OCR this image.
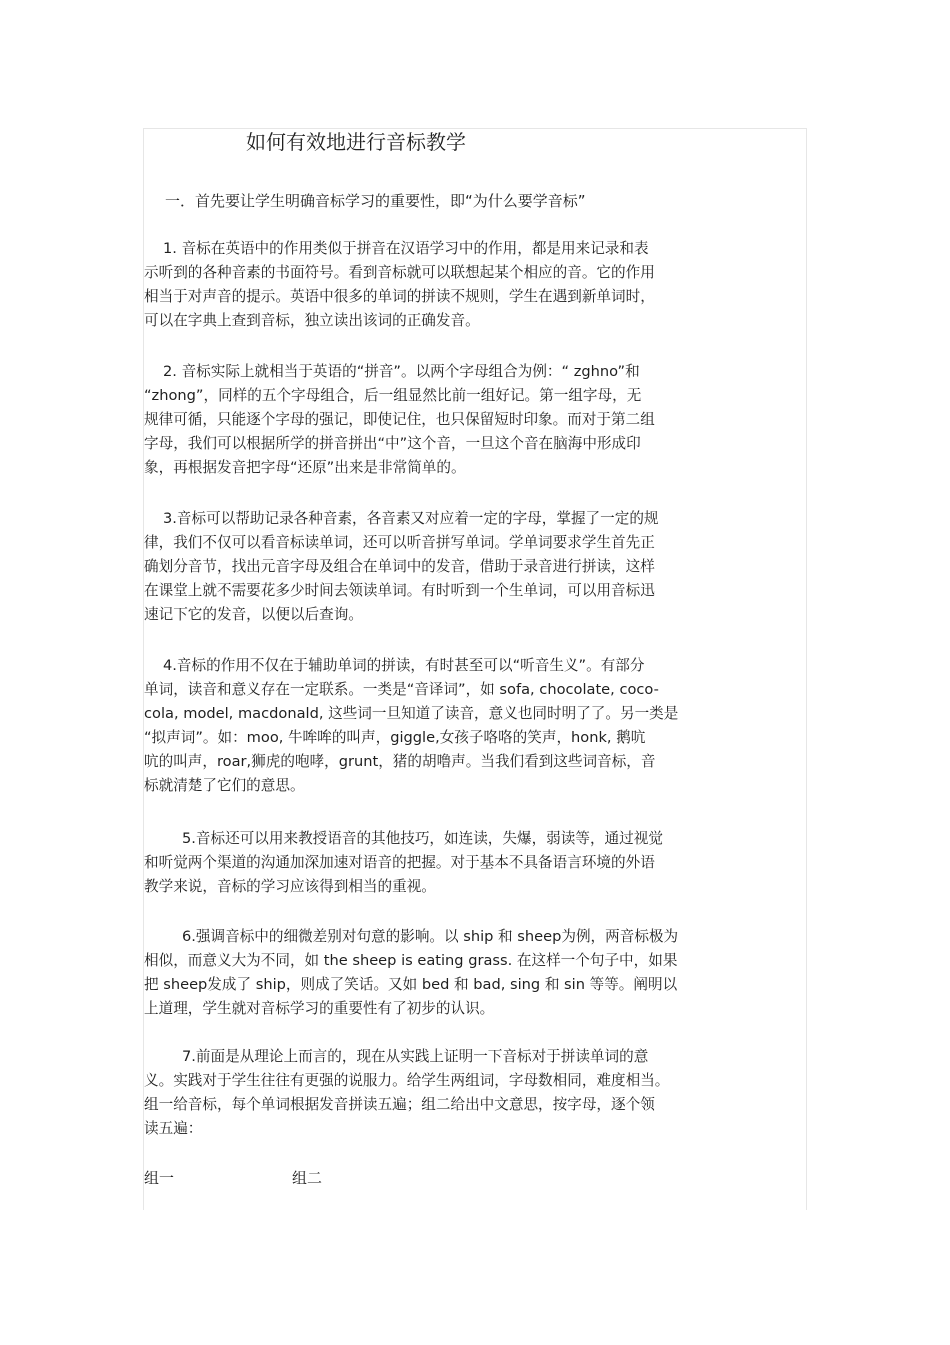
如何有效地进行音标教学
一．首先要让学生明确音标学习的重要性，即“为什么要学音标”
1. 音标在英语中的作用类似于拼音在汉语学习中的作用，都是用来记录和表
示听到的各种音素的书面符号。看到音标就可以联想起某个相应的音。它的作用
相当于对声音的提示。英语中很多的单词的拼读不规则，学生在遇到新单词时，
可以在字典上查到音标，独立读出该词的正确发音。
2. 音标实际上就相当于英语的“拼音”。以两个字母组合为例：“ zghno”和
“zhong”，同样的五个字母组合，后一组显然比前一组好记。第一组字母，无
规律可循，只能逐个字母的强记，即使记住，也只保留短时印象。而对于第二组
字母，我们可以根据所学的拼音拼出“中”这个音，一旦这个音在脑海中形成印
象，再根据发音把字母“还原”出来是非常简单的。
3.音标可以帮助记录各种音素，各音素又对应着一定的字母，掌握了一定的规
律，我们不仅可以看音标读单词，还可以听音拼写单词。学单词要求学生首先正
确划分音节，找出元音字母及组合在单词中的发音，借助于录音进行拼读，这样
在课堂上就不需要花多少时间去领读单词。有时听到一个生单词，可以用音标迅
速记下它的发音，以便以后查询。
4.音标的作用不仅在于辅助单词的拼读，有时甚至可以“听音生义”。有部分
单词，读音和意义存在一定联系。一类是“音译词”，如 sofa, chocolate, coco-
cola, model, macdonald, 这些词一旦知道了读音，意义也同时明了了。另一类是
“拟声词”。如：moo, 牛哞哞的叫声，giggle,女孩子咯咯的笑声，honk, 鹅吭
吭的叫声，roar,狮虎的咆哮，grunt，猪的胡噜声。当我们看到这些词音标，音
标就清楚了它们的意思。
5.音标还可以用来教授语音的其他技巧，如连读，失爆，弱读等，通过视觉
和听觉两个渠道的沟通加深加速对语音的把握。对于基本不具备语言环境的外语
教学来说，音标的学习应该得到相当的重视。
6.强调音标中的细微差别对句意的影响。以 ship 和 sheep为例，两音标极为
相似，而意义大为不同，如 the sheep is eating grass. 在这样一个句子中，如果
把 sheep发成了 ship，则成了笑话。又如 bed 和 bad, sing 和 sin 等等。阐明以
上道理，学生就对音标学习的重要性有了初步的认识。
7.前面是从理论上而言的，现在从实践上证明一下音标对于拼读单词的意
义。实践对于学生往往有更强的说服力。给学生两组词，字母数相同，难度相当。
组一给音标，每个单词根据发音拼读五遍；组二给出中文意思，按字母，逐个领
读五遍：
组一	组二
